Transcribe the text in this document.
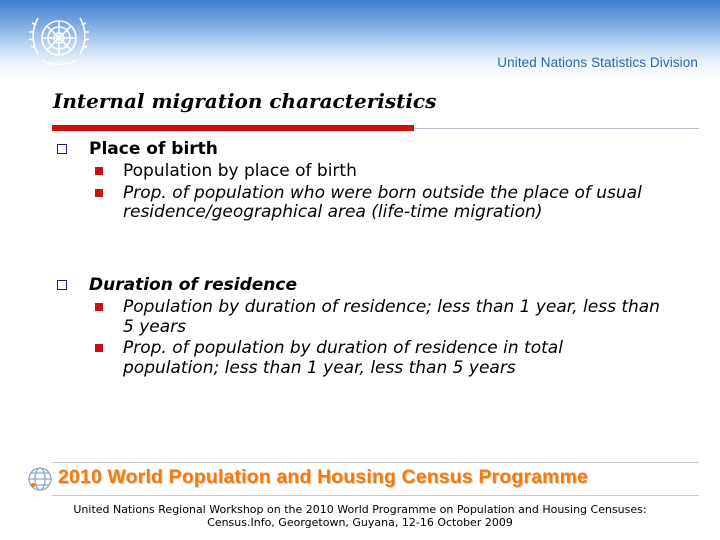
United Nations Statistics Division
Internal migration characteristics
Place of birth
Population by place of birth
Prop. of population who were born outside the place of usual residence/geographical area (life-time migration)
Duration of residence
Population by duration of residence; less than 1 year, less than 5 years
Prop. of population by duration of residence in total population; less than 1 year, less than 5 years
2010 World Population and Housing Census Programme
United Nations Regional Workshop on the 2010 World Programme on Population and Housing Censuses:
Census.Info, Georgetown, Guyana, 12-16 October 2009
